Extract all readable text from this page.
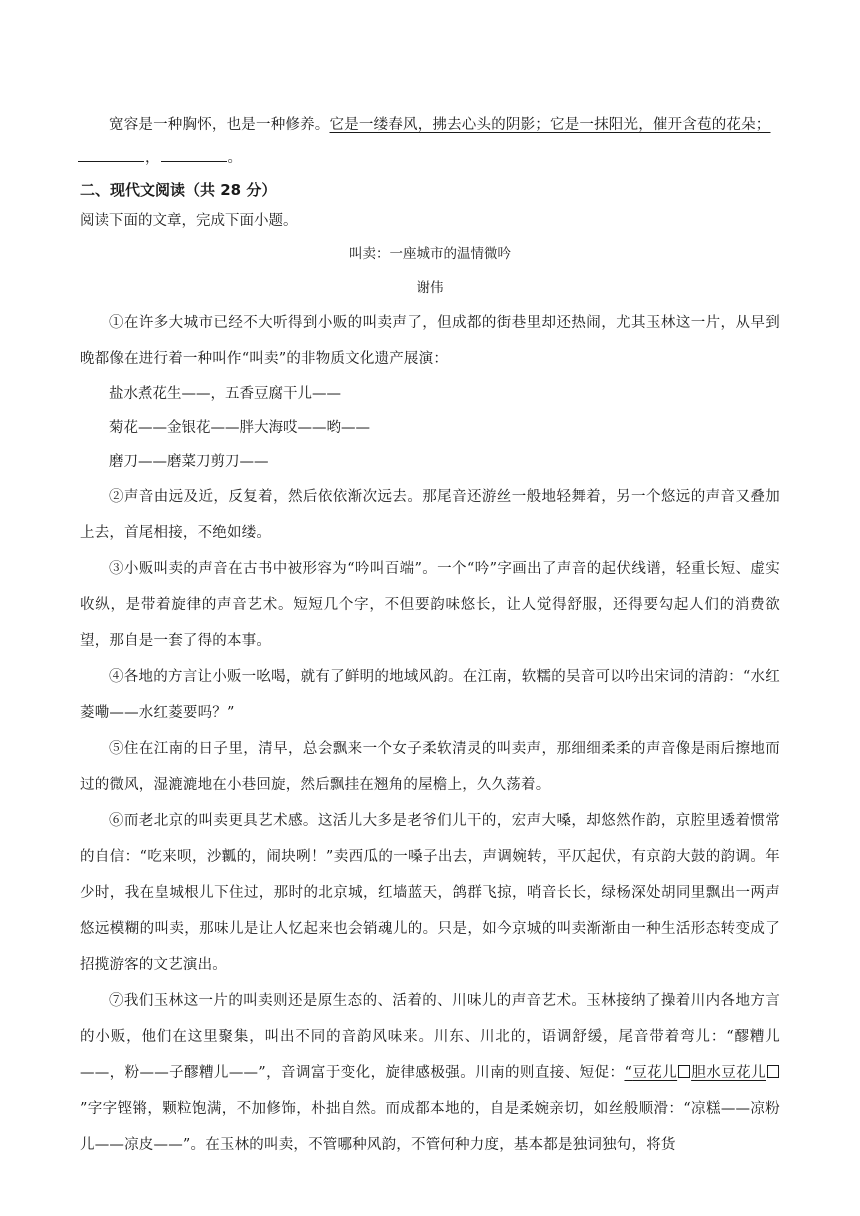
宽容是一种胸怀，也是一种修养。它是一缕春风，拂去心头的阴影；它是一抹阳光，催开含苞的花朵；

，	。

二、现代文阅读（共 28 分）

阅读下面的文章，完成下面小题。

叫卖：一座城市的温情微吟

谢伟

①在许多大城市已经不大听得到小贩的叫卖声了，但成都的街巷里却还热闹，尤其玉林这一片，从早到晚都像在进行着一种叫作“叫卖”的非物质文化遗产展演：

盐水煮花生——，五香豆腐干儿——

菊花——金银花——胖大海哎——哟——

磨刀——磨菜刀剪刀——

②声音由远及近，反复着，然后依依渐次远去。那尾音还游丝一般地轻舞着，另一个悠远的声音又叠加上去，首尾相接，不绝如缕。

③小贩叫卖的声音在古书中被形容为“吟叫百端”。一个“吟”字画出了声音的起伏线谱，轻重长短、虚实收纵，是带着旋律的声音艺术。短短几个字，不但要韵味悠长，让人觉得舒服，还得要勾起人们的消费欲望，那自是一套了得的本事。

④各地的方言让小贩一吆喝，就有了鲜明的地域风韵。在江南，软糯的吴音可以吟出宋词的清韵：“水红菱嘞——水红菱要吗？”

⑤住在江南的日子里，清早，总会飘来一个女子柔软清灵的叫卖声，那细细柔柔的声音像是雨后擦地而过的微风，湿漉漉地在小巷回旋，然后飘挂在翘角的屋檐上，久久荡着。

⑥而老北京的叫卖更具艺术感。这活儿大多是老爷们儿干的，宏声大嗓，却悠然作韵，京腔里透着惯常的自信：“吃来呗，沙瓤的，闹块咧！”卖西瓜的一嗓子出去，声调婉转，平仄起伏，有京韵大鼓的韵调。年少时，我在皇城根儿下住过，那时的北京城，红墙蓝天，鸽群飞掠，哨音长长，绿杨深处胡同里飘出一两声悠远模糊的叫卖，那味儿是让人忆起来也会销魂儿的。只是，如今京城的叫卖渐渐由一种生活形态转变成了招揽游客的文艺演出。

⑦我们玉林这一片的叫卖则还是原生态的、活着的、川味儿的声音艺术。玉林接纳了操着川内各地方言的小贩，他们在这里聚集，叫出不同的音韵风味来。川东、川北的，语调舒缓，尾音带着弯儿：“醪糟儿——，粉——子醪糟儿——”，音调富于变化，旋律感极强。川南的则直接、短促：“豆花儿 胆水豆花儿”字字铿锵，颗粒饱满，不加修饰，朴拙自然。而成都本地的，自是柔婉亲切，如丝般顺滑：“凉糕——凉粉儿——凉皮——”。在玉林的叫卖，不管哪种风韵，不管何种力度，基本都是独词独句，将货
